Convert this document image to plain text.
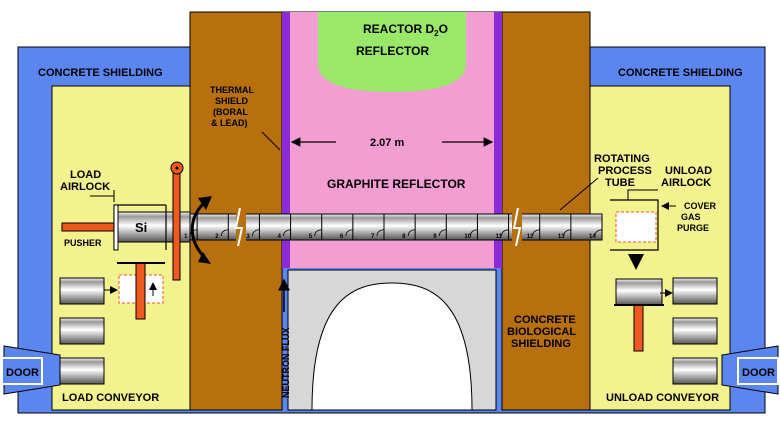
1	2	3	4	5	6	7	8	9	10	11	12	13	14
Si
PUSHER
DOOR	DOOR
REACTOR $D_2O$
REFLECTOR
CONCRETE SHIELDING	CONCRETE SHIELDING
THERMAL
SHIELD
(BORAL
& LEAD)
2.07 m
GRAPHITE REFLECTOR
ROTATING
PROCESS
TUBE
LOAD
AIRLOCK
UNLOAD
AIRLOCK
COVER
GAS
PURGE
NEUTRON FLUX
CONCRETE
BIOLOGICAL
SHIELDING
LOAD CONVEYOR	UNLOAD CONVEYOR
